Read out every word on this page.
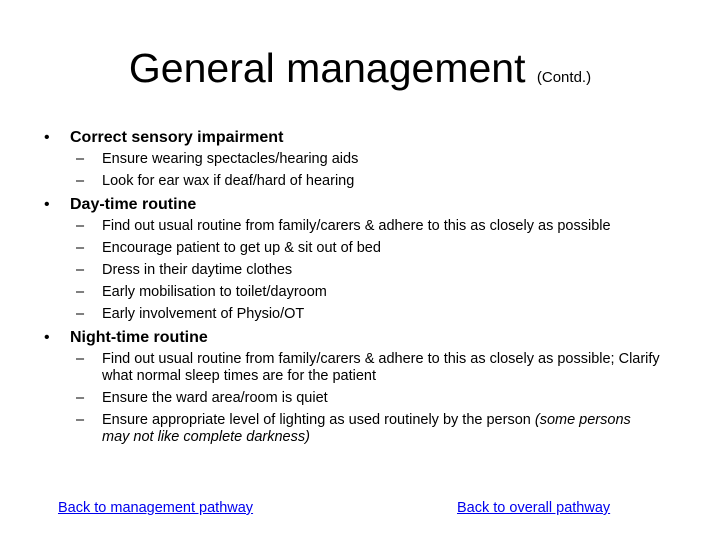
General management (Contd.)
• Correct sensory impairment
– Ensure wearing spectacles/hearing aids
– Look for ear wax if deaf/hard of hearing
• Day-time routine
– Find out usual routine from family/carers & adhere to this as closely as possible
– Encourage patient to get up & sit out of bed
– Dress in their daytime clothes
– Early mobilisation to toilet/dayroom
– Early involvement of Physio/OT
• Night-time routine
– Find out usual routine from family/carers & adhere to this as closely as possible; Clarify what normal sleep times are for the patient
– Ensure the ward area/room is quiet
– Ensure appropriate level of lighting as used routinely by the person (some persons may not like complete darkness)
Back to management pathway	Back to overall pathway
